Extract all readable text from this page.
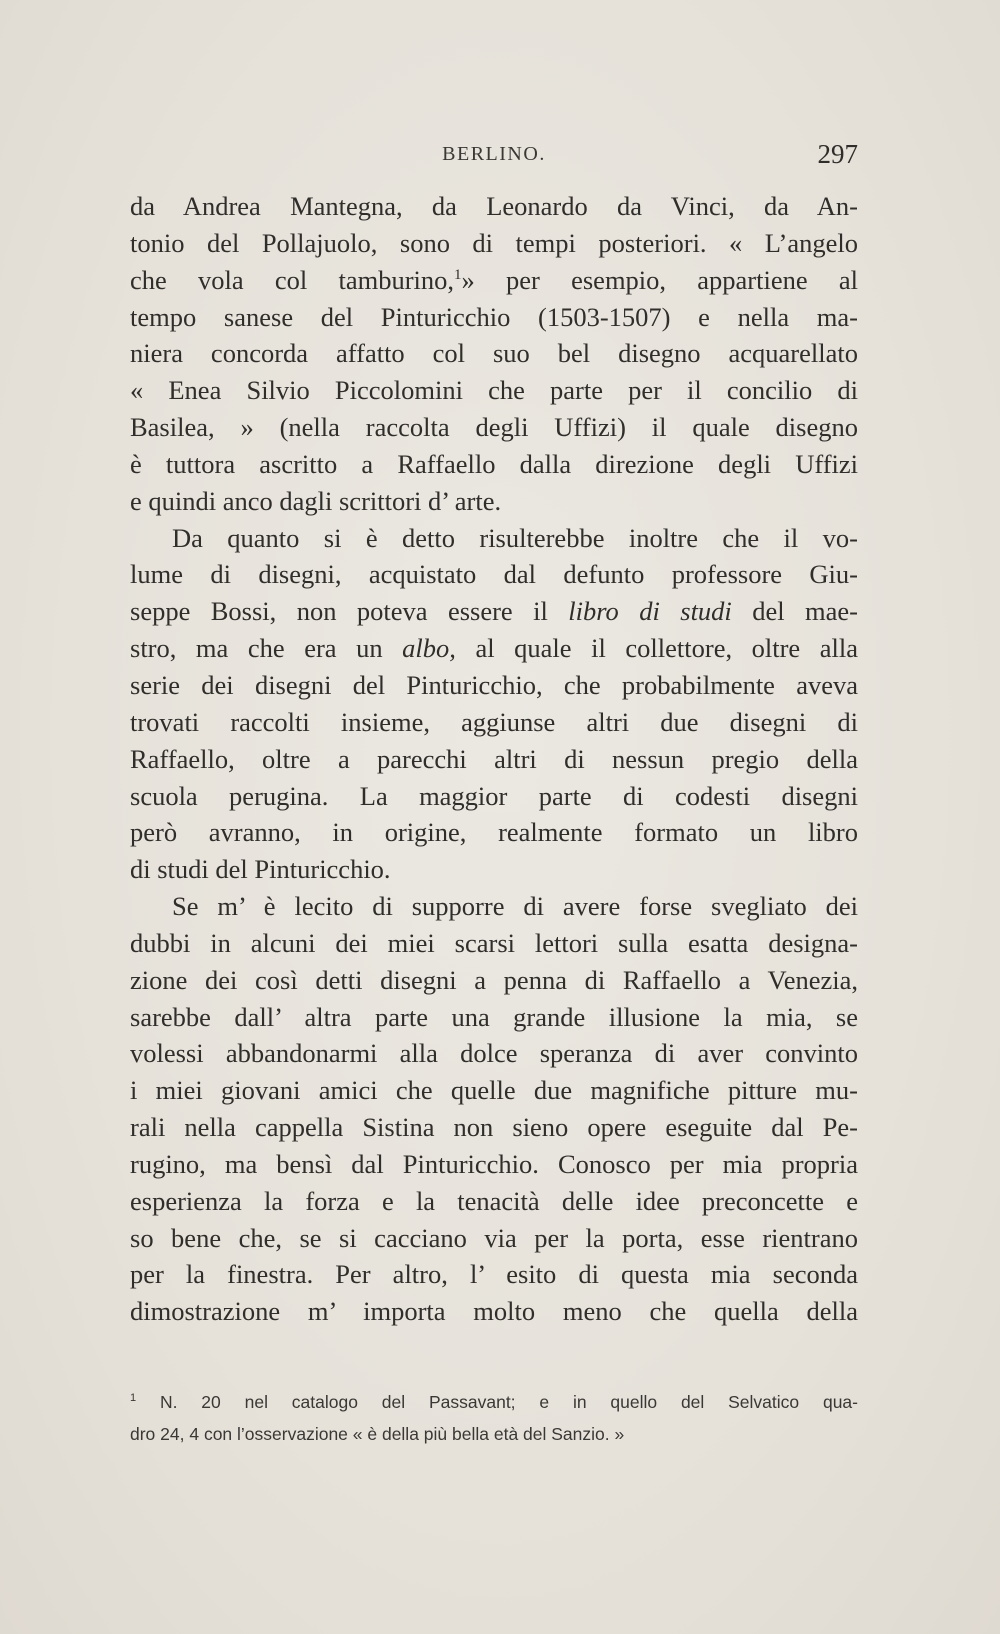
BERLINO.	297
da Andrea Mantegna, da Leonardo da Vinci, da An-
tonio del Pollajuolo, sono di tempi posteriori. « L’angelo
che vola col tamburino,$^1$» per esempio, appartiene al
tempo sanese del Pinturicchio (1503-1507) e nella ma-
niera concorda affatto col suo bel disegno acquarellato
« Enea Silvio Piccolomini che parte per il concilio di
Basilea, » (nella raccolta degli Uffizi) il quale disegno
è tuttora ascritto a Raffaello dalla direzione degli Uffizi
e quindi anco dagli scrittori d’ arte.
Da quanto si è detto risulterebbe inoltre che il vo-
lume di disegni, acquistato dal defunto professore Giu-
seppe Bossi, non poteva essere il libro di studi del mae-
stro, ma che era un albo, al quale il collettore, oltre alla
serie dei disegni del Pinturicchio, che probabilmente aveva
trovati raccolti insieme, aggiunse altri due disegni di
Raffaello, oltre a parecchi altri di nessun pregio della
scuola perugina. La maggior parte di codesti disegni
però avranno, in origine, realmente formato un libro
di studi del Pinturicchio.
Se m’ è lecito di supporre di avere forse svegliato dei
dubbi in alcuni dei miei scarsi lettori sulla esatta designa-
zione dei così detti disegni a penna di Raffaello a Venezia,
sarebbe dall’ altra parte una grande illusione la mia, se
volessi abbandonarmi alla dolce speranza di aver convinto
i miei giovani amici che quelle due magnifiche pitture mu-
rali nella cappella Sistina non sieno opere eseguite dal Pe-
rugino, ma bensì dal Pinturicchio. Conosco per mia propria
esperienza la forza e la tenacità delle idee preconcette e
so bene che, se si cacciano via per la porta, esse rientrano
per la finestra. Per altro, l’ esito di questa mia seconda
dimostrazione m’ importa molto meno che quella della
$^1$ N. 20 nel catalogo del Passavant; e in quello del Selvatico qua-
dro 24, 4 con l’osservazione « è della più bella età del Sanzio. »
